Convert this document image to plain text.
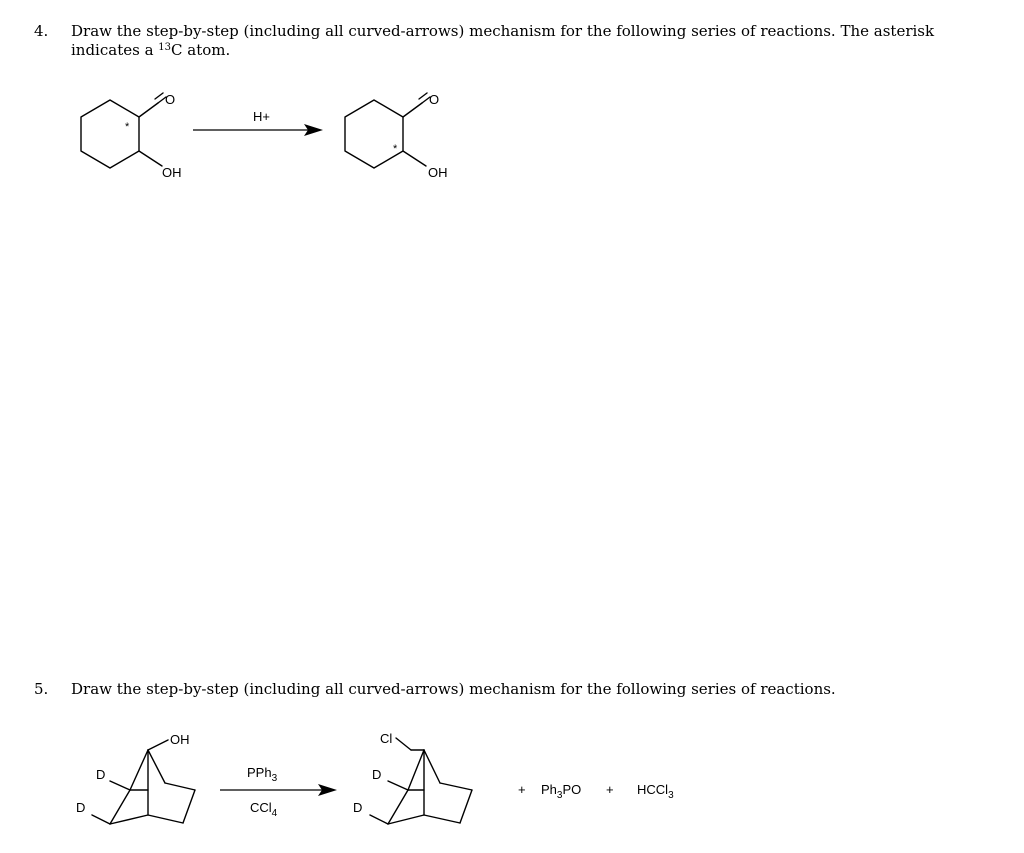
4. Draw the step-by-step (including all curved-arrows) mechanism for the following series of reactions. The asterisk
indicates a $^{13}$C atom.
O
*
OH
H+
O
*
OH
OH
D
D
PPh$_3$
CCl$_4$
Cl
D
D
+ $Ph_3PO$ + HCCl$_3$
5. Draw the step-by-step (including all curved-arrows) mechanism for the following series of reactions.
